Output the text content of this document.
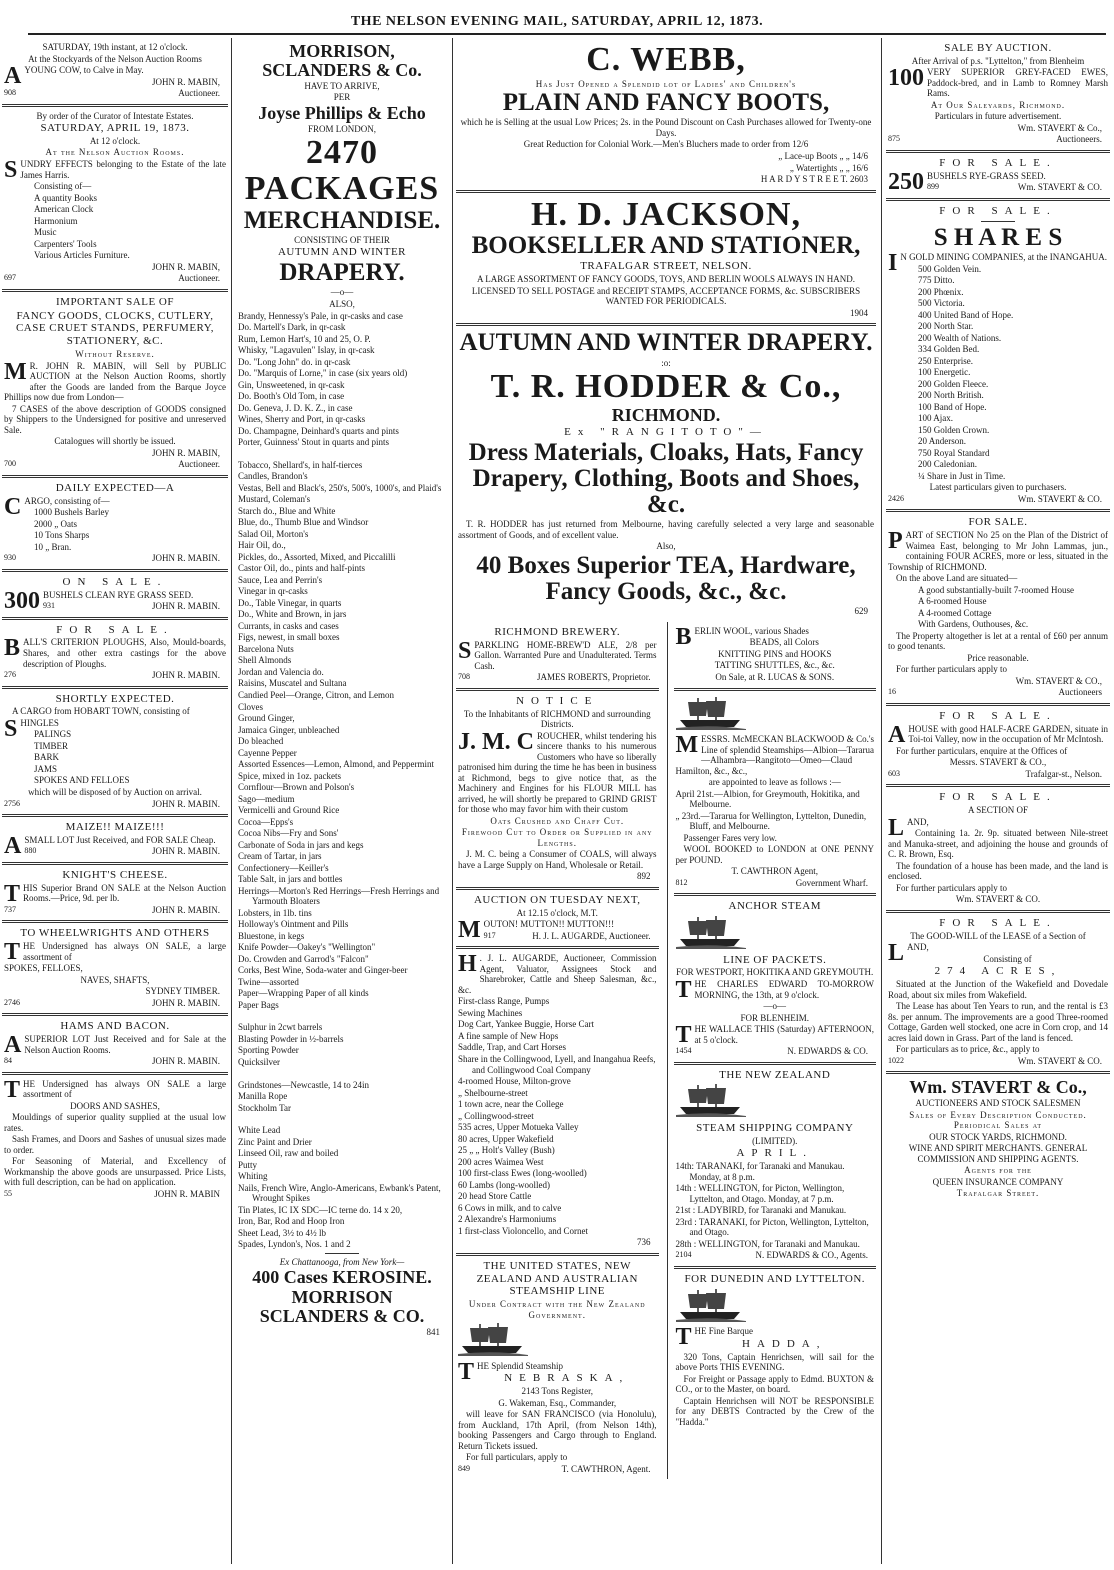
THE NELSON EVENING MAIL, SATURDAY, APRIL 12, 1873.
SATURDAY, 19th instant, at 12 o'clock.
At the Stockyards of the Nelson Auction Rooms
AYOUNG COW, to Calve in May.
JOHN R. MABIN,
908	Auctioneer.
By order of the Curator of Intestate Estates.
SATURDAY, APRIL 19, 1873.
At 12 o'clock.
At the Nelson Auction Rooms.
SUNDRY EFFECTS belonging to the Estate of the late James Harris.
Consisting of—
A quantity Books
American Clock
Harmonium
Music
Carpenters' Tools
Various Articles Furniture.
JOHN R. MABIN,
697	Auctioneer.
IMPORTANT SALE OF
FANCY GOODS, CLOCKS, CUTLERY, CASE CRUET STANDS, PERFUMERY, STATIONERY, &C.
Without Reserve.
M R. JOHN R. MABIN, will Sell by PUBLIC AUCTION at the Nelson Auction Rooms, shortly after the Goods are landed from the Barque Joyce Phillips now due from London—
7 CASES of the above description of GOODS consigned by Shippers to the Undersigned for positive and unreserved Sale.
Catalogues will shortly be issued.
JOHN R. MABIN,
700	Auctioneer.
DAILY EXPECTED—A
CARGO, consisting of—
1000 Bushels Barley
2000 „ Oats
10 Tons Sharps
10 „ Bran.
930	JOHN R. MABIN.
ON SALE.
300 BUSHELS CLEAN RYE GRASS SEED.
931	JOHN R. MABIN.
FOR SALE.
BALL'S CRITERION PLOUGHS, Also, Mould-boards, Shares, and other extra castings for the above description of Ploughs.
276	JOHN R. MABIN.
SHORTLY EXPECTED.
A CARGO from HOBART TOWN, consisting of
SHINGLES
PALINGS
TIMBER
BARK
JAMS
SPOKES AND FELLOES
which will be disposed of by Auction on arrival.
2756	JOHN R. MABIN.
MAIZE!! MAIZE!!!
ASMALL LOT Just Received, and FOR SALE Cheap.
880	JOHN R. MABIN.
KNIGHT'S CHEESE.
THIS Superior Brand ON SALE at the Nelson Auction Rooms.—Price, 9d. per lb.
737	JOHN R. MABIN.
TO WHEELWRIGHTS AND OTHERS
THE Undersigned has always ON SALE, a large assortment of
SPOKES, FELLOES,
NAVES, SHAFTS,
SYDNEY TIMBER.
2746	JOHN R. MABIN.
HAMS AND BACON.
ASUPERIOR LOT Just Received and for Sale at the Nelson Auction Rooms.
84	JOHN R. MABIN.
THE Undersigned has always ON SALE a large assortment of
DOORS AND SASHES,
Mouldings of superior quality supplied at the usual low rates.
Sash Frames, and Doors and Sashes of unusual sizes made to order.
For Seasoning of Material, and Excellency of Workmanship the above goods are unsurpassed. Price Lists, with full description, can be had on application.
55	JOHN R. MABIN
MORRISON, SCLANDERS & Co.
HAVE TO ARRIVE,
PER
Joyse Phillips & Echo
FROM LONDON,
2470 PACKAGES
MERCHANDISE.
CONSISTING OF THEIR
AUTUMN AND WINTER
DRAPERY.
—o—
ALSO,
Brandy, Hennessy's Pale, in qr-casks and case
Do. Martell's Dark, in qr-cask
Rum, Lemon Hart's, 10 and 25, O. P.
Whisky, "Lagavulen" Islay, in qr-cask
Do. "Long John" do. in qr-cask
Do. "Marquis of Lorne," in case (six years old)
Gin, Unsweetened, in qr-cask
Do. Booth's Old Tom, in case
Do. Geneva, J. D. K. Z., in case
Wines, Sherry and Port, in qr-casks
Do. Champagne, Deinhard's quarts and pints
Porter, Guinness' Stout in quarts and pints
Tobacco, Shellard's, in half-tierces
Candles, Brandon's
Vestas, Bell and Black's, 250's, 500's, 1000's, and Plaid's
Mustard, Coleman's
Starch do., Blue and White
Blue, do., Thumb Blue and Windsor
Salad Oil, Morton's
Hair Oil, do.,
Pickles, do., Assorted, Mixed, and Piccalilli
Castor Oil, do., pints and half-pints
Sauce, Lea and Perrin's
Vinegar in qr-casks
Do., Table Vinegar, in quarts
Do., White and Brown, in jars
Currants, in casks and cases
Figs, newest, in small boxes
Barcelona Nuts
Shell Almonds
Jordan and Valencia do.
Raisins, Muscatel and Sultana
Candied Peel—Orange, Citron, and Lemon
Cloves
Ground Ginger,
Jamaica Ginger, unbleached
Do bleached
Cayenne Pepper
Assorted Essences—Lemon, Almond, and Peppermint
Spice, mixed in 1oz. packets
Cornflour—Brown and Polson's
Sago—medium
Vermicelli and Ground Rice
Cocoa—Epps's
Cocoa Nibs—Fry and Sons'
Carbonate of Soda in jars and kegs
Cream of Tartar, in jars
Confectionery—Keiller's
Table Salt, in jars and bottles
Herrings—Morton's Red Herrings—Fresh Herrings and Yarmouth Bloaters
Lobsters, in 1lb. tins
Holloway's Ointment and Pills
Bluestone, in kegs
Knife Powder—Oakey's "Wellington"
Do. Crowden and Garrod's "Falcon"
Corks, Best Wine, Soda-water and Ginger-beer
Twine—assorted
Paper—Wrapping Paper of all kinds
Paper Bags
Sulphur in 2cwt barrels
Blasting Powder in ½-barrels
Sporting Powder
Quicksilver
Grindstones—Newcastle, 14 to 24in
Manilla Rope
Stockholm Tar
White Lead
Zinc Paint and Drier
Linseed Oil, raw and boiled
Putty
Whiting
Nails, French Wire, Anglo-Americans, Ewbank's Patent, Wrought Spikes
Tin Plates, IC IX SDC—IC terne do. 14 x 20,
Iron, Bar, Rod and Hoop Iron
Sheet Lead, 3½ to 4½ lb
Spades, Lyndon's, Nos. 1 and 2
Ex Chattanooga, from New York—
400 Cases KEROSINE.
MORRISON SCLANDERS & CO.
841
C. WEBB,
Has Just Opened a Splendid lot of Ladies' and Children's
PLAIN AND FANCY BOOTS,
which he is Selling at the usual Low Prices; 2s. in the Pound Discount on Cash Purchases allowed for Twenty-one Days.
Great Reduction for Colonial Work.—Men's Bluchers made to order from 12/6
„ Lace-up Boots „ „ 14/6
„ Watertights „ „ 16/6
H A R D Y S T R E E T. 2603
H. D. JACKSON,
BOOKSELLER AND STATIONER,
TRAFALGAR STREET, NELSON.
A LARGE ASSORTMENT OF FANCY GOODS, TOYS, AND BERLIN WOOLS ALWAYS IN HAND.
LICENSED TO SELL POSTAGE and RECEIPT STAMPS, ACCEPTANCE FORMS, &c. SUBSCRIBERS WANTED FOR PERIODICALS.
1904
AUTUMN AND WINTER DRAPERY.
:o:
T. R. HODDER & Co.,
RICHMOND.
Ex "RANGITOTO"—
Dress Materials, Cloaks, Hats, Fancy Drapery, Clothing, Boots and Shoes, &c.
T. R. HODDER has just returned from Melbourne, having carefully selected a very large and seasonable assortment of Goods, and of excellent value.
Also,
40 Boxes Superior TEA, Hardware, Fancy Goods, &c., &c.
629
RICHMOND BREWERY.
SPARKLING HOME-BREW'D ALE, 2/8 per Gallon. Warranted Pure and Unadulterated. Terms Cash.
708	JAMES ROBERTS, Proprietor.
NOTICE
To the Inhabitants of RICHMOND and surrounding Districts.
J. M. C ROUCHER, whilst tendering his sincere thanks to his numerous Customers who have so liberally patronised him during the time he has been in business at Richmond, begs to give notice that, as the Machinery and Engines for his FLOUR MILL has arrived, he will shortly be prepared to GRIND GRIST for those who may favor him with their custom
Oats Crushed and Chaff Cut.
Firewood Cut to Order or Supplied in any Lengths.
J. M. C. being a Consumer of COALS, will always have a Large Supply on Hand, Wholesale or Retail.
892
AUCTION ON TUESDAY NEXT,
At 12.15 o'clock, M.T.
MOUTON! MUTTON!! MUTTON!!!
917	H. J. L. AUGARDE, Auctioneer.
H . J. L. AUGARDE, Auctioneer, Commission Agent, Valuator, Assignees Stock and Sharebroker, Cattle and Sheep Salesman, &c., &c.
First-class Range, Pumps
Sewing Machines
Dog Cart, Yankee Buggie, Horse Cart
A fine sample of New Hops
Saddle, Trap, and Cart Horses
Share in the Collingwood, Lyell, and Inangahua Reefs, and Collingwood Coal Company
4-roomed House, Milton-grove
„ Shelbourne-street
1 town acre, near the College
„ Collingwood-street
535 acres, Upper Motueka Valley
80 acres, Upper Wakefield
25 „ „ Holt's Valley (Bush)
200 acres Waimea West
100 first-class Ewes (long-woolled)
60 Lambs (long-woolled)
20 head Store Cattle
6 Cows in milk, and to calve
2 Alexandre's Harmoniums
1 first-class Violoncello, and Cornet
736
THE UNITED STATES, NEW ZEALAND AND AUSTRALIAN STEAMSHIP LINE
Under Contract with the New Zealand Government.
THE Splendid Steamship
NEBRASKA,
2143 Tons Register,
G. Wakeman, Esq., Commander,
will leave for SAN FRANCISCO (via Honolulu), from Auckland, 17th April, (from Nelson 14th), booking Passengers and Cargo through to England. Return Tickets issued.
For full particulars, apply to
849	T. CAWTHRON, Agent.
BERLIN WOOL, various Shades
BEADS, all Colors
KNITTING PINS and HOOKS
TATTING SHUTTLES, &c., &c.
On Sale, at R. LUCAS & SONS.
MESSRS. McMECKAN BLACKWOOD & Co.'s Line of splendid Steamships—Albion—Tararua—Alhambra—Rangitoto—Omeo—Claud Hamilton, &c., &c.,
are appointed to leave as follows :—
April 21st.—Albion, for Greymouth, Hokitika, and Melbourne.
„ 23rd.—Tararua for Wellington, Lyttelton, Dunedin, Bluff, and Melbourne.
Passenger Fares very low.
WOOL BOOKED to LONDON at ONE PENNY per POUND.
T. CAWTHRON Agent,
812	Government Wharf.
ANCHOR STEAM
LINE OF PACKETS.
FOR WESTPORT, HOKITIKA AND GREYMOUTH.
THE CHARLES EDWARD TO-MORROW MORNING, the 13th, at 9 o'clock.
—o—
FOR BLENHEIM.
THE WALLACE THIS (Saturday) AFTERNOON, at 5 o'clock.
1454	N. EDWARDS & CO.
THE NEW ZEALAND
STEAM SHIPPING COMPANY
(LIMITED).
APRIL.
14th: TARANAKI, for Taranaki and Manukau. Monday, at 8 p.m.
14th : WELLINGTON, for Picton, Wellington, Lyttelton, and Otago. Monday, at 7 p.m.
21st : LADYBIRD, for Taranaki and Manukau.
23rd : TARANAKI, for Picton, Wellington, Lyttelton, and Otago.
28th : WELLINGTON, for Taranaki and Manukau.
2104	N. EDWARDS & CO., Agents.
FOR DUNEDIN AND LYTTELTON.
THE Fine Barque
HADDA,
320 Tons, Captain Henrichsen, will sail for the above Ports THIS EVENING.
For Freight or Passage apply to Edmd. BUXTON & CO., or to the Master, on board.
Captain Henrichsen will NOT be RESPONSIBLE for any DEBTS Contracted by the Crew of the "Hadda."
SALE BY AUCTION.
After Arrival of p.s. "Lyttelton," from Blenheim
100 VERY SUPERIOR GREY-FACED EWES, Paddock-bred, and in Lamb to Romney Marsh Rams.
At Our Saleyards, Richmond.
Particulars in future advertisement.
Wm. STAVERT & Co.,
875	Auctioneers.
FOR SALE.
250 BUSHELS RYE-GRASS SEED.
899	Wm. STAVERT & CO.
FOR SALE.
S H A R E S
I N GOLD MINING COMPANIES, at the INANGAHUA.
500 Golden Vein.
775 Ditto.
200 Phœnix.
500 Victoria.
400 United Band of Hope.
200 North Star.
200 Wealth of Nations.
334 Golden Bed.
250 Enterprise.
100 Energetic.
200 Golden Fleece.
200 North British.
100 Band of Hope.
100 Ajax.
150 Golden Crown.
20 Anderson.
750 Royal Standard
200 Caledonian.
¼ Share in Just in Time.
Latest particulars given to purchasers.
2426	Wm. STAVERT & CO.
FOR SALE.
PART of SECTION No 25 on the Plan of the District of Waimea East, belonging to Mr John Lammas, jun., containing FOUR ACRES, more or less, situated in the Township of RICHMOND.
On the above Land are situated—
A good substantially-built 7-roomed House
A 6-roomed House
A 4-roomed Cottage
With Gardens, Outhouses, &c.
The Property altogether is let at a rental of £60 per annum to good tenants.
Price reasonable.
For further particulars apply to
Wm. STAVERT & CO.,
16	Auctioneers
FOR SALE.
AHOUSE with good HALF-ACRE GARDEN, situate in Toi-toi Valley, now in the occupation of Mr McIntosh.
For further particulars, enquire at the Offices of
Messrs. STAVERT & CO.,
603	Trafalgar-st., Nelson.
FOR SALE.
A SECTION OF
LAND,
Containing 1a. 2r. 9p. situated between Nile-street and Manuka-street, and adjoining the house and grounds of C. R. Brown, Esq.
The foundation of a house has been made, and the land is enclosed.
For further particulars apply to
Wm. STAVERT & CO.
FOR SALE.
The GOOD-WILL of the LEASE of a Section of
LAND,
Consisting of
274 ACRES,
Situated at the Junction of the Wakefield and Dovedale Road, about six miles from Wakefield.
The Lease has about Ten Years to run, and the rental is £3 8s. per annum. The improvements are a good Three-roomed Cottage, Garden well stocked, one acre in Corn crop, and 14 acres laid down in Grass. Part of the land is fenced.
For particulars as to price, &c., apply to
1022	Wm. STAVERT & CO.
Wm. STAVERT & Co.,
AUCTIONEERS AND STOCK SALESMEN
Sales of Every Description Conducted. Periodical Sales at
OUR STOCK YARDS, RICHMOND.
WINE AND SPIRIT MERCHANTS. GENERAL COMMISSION AND SHIPPING AGENTS.
Agents for the
QUEEN INSURANCE COMPANY
Trafalgar Street.
